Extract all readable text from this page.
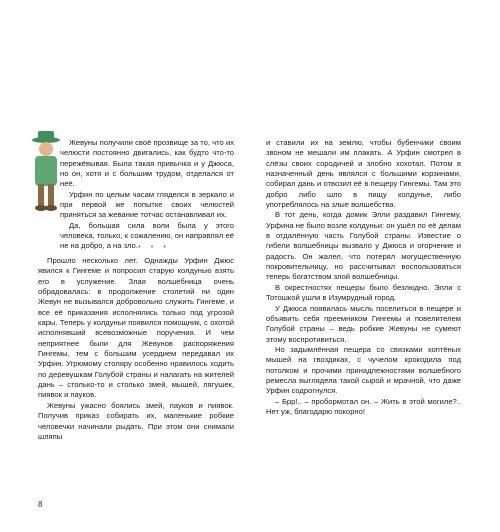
Жевуны получили своё прозвище за то, что их челюсти постоянно двигались, как будто что-то пережёвывая. Была такая привычка и у Джюса, но он, хотя и с большим трудом, отделался от неё.

Урфин по целым часам гляделся в зеркало и при первой же попытке своих челюстей приняться за жевание тотчас останавливал их.

Да, большая сила воли была у этого человека, только, к сожалению, он направлял её не на добро, а на зло. * * *

Прошло несколько лет. Однажды Урфин Джюс явился к Гингеме и попросил старую колдунью взять его в услужение. Злая волшебница очень обрадовалась: в продолжение столетий ни один Жевун не вызывался добровольно служить Гингеме, и все её приказания исполнялись только под угрозой кары. Теперь у колдуньи появился помощник, с охотой исполнявший всевозможные поручения. И чем неприятнее были для Жевунов распоряжения Гингемы, тем с большим усердием передавал их Урфин. Угрюмому столяру особенно нравилось ходить по деревушкам Голубой страны и налагать на жителей дань – столько-то и столько змей, мышей, лягушек, пиявок и пауков.

Жевуны ужасно боялись змей, пауков и пиявок. Получив приказ собирать их, маленькие робкие человечки начинали рыдать. При этом они снимали шляпы

8

и ставили их на землю, чтобы бубенчики своим звоном не мешали им плакать. А Урфин смотрел в слёзы своих сородичей и злобно хохотал. Потом в назначенный день являлся с большими корзинами, собирал дань и отвозил её в пещеру Гингемы. Там это добро либо шло в пищу колдунье, либо употреблялось на злые волшебства.

В тот день, когда домик Элли раздавил Гингему, Урфина не было возле колдуньи: он ушёл по её делам в отдалённую часть Голубой страны. Известие о гибели волшебницы вызвало у Джюса и огорчение и радость. Он жалел, что потерял могущественную покровительницу, но рассчитывал воспользоваться теперь богатством злой волшебницы.

В окрестностях пещеры было безлюдно. Элли с Тотошкой ушли в Изумрудный город.

У Джюса появилась мысль поселиться в пещере и объявить себя преемником Гингемы и повелителем Голубой страны – ведь робкие Жевуны не сумеют этому воспротивиться.

Но задымлённая пещера со связками коптёных мышей на гвоздиках, с чучелом крокодила под потолком и прочими принадлежностями волшебного ремесла выглядела такой сырой и мрачной, что даже Урфин содрогнулся.

– Брр!.. – пробормотал он. – Жить в этой могиле?.. Нет уж, благодарю покорно!
